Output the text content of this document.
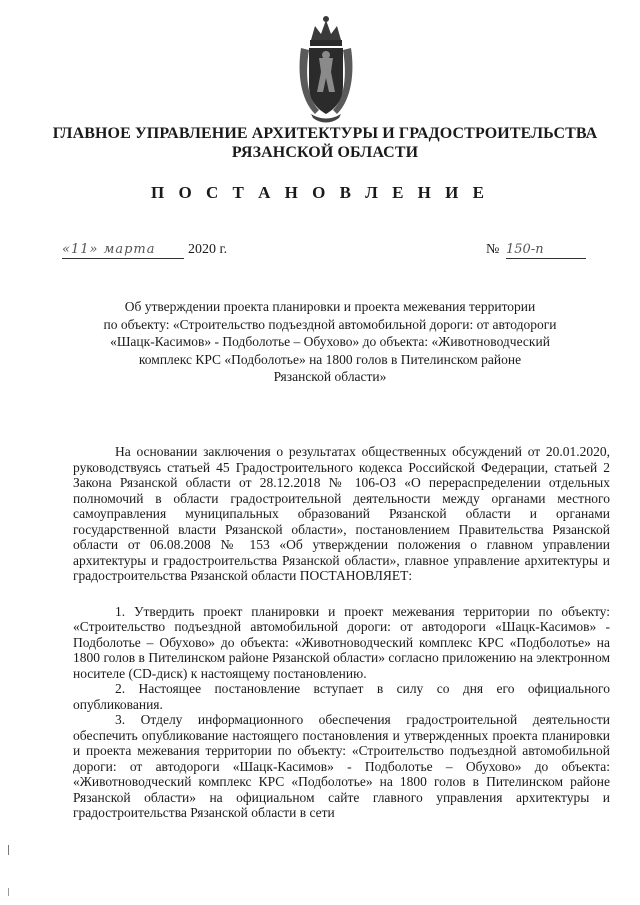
ГЛАВНОЕ УПРАВЛЕНИЕ АРХИТЕКТУРЫ И ГРАДОСТРОИТЕЛЬСТВА
РЯЗАНСКОЙ ОБЛАСТИ
П О С Т А Н О В Л Е Н И Е
«11» марта	2020 г.	№ 150-п
Об утверждении проекта планировки и проекта межевания территории
по объекту: «Строительство подъездной автомобильной дороги: от автодороги
«Шацк-Касимов» - Подболотье – Обухово» до объекта: «Животноводческий
комплекс КРС «Подболотье» на 1800 голов в Пителинском районе
Рязанской области»

На основании заключения о результатах общественных обсуждений от 20.01.2020, руководствуясь статьей 45 Градостроительного кодекса Российской Федерации, статьей 2 Закона Рязанской области от 28.12.2018 № 106-ОЗ «О перераспределении отдельных полномочий в области градостроительной деятельности между органами местного самоуправления муниципальных образований Рязанской области и органами государственной власти Рязанской области», постановлением Правительства Рязанской области от 06.08.2008 № 153 «Об утверждении положения о главном управлении архитектуры и градостроительства Рязанской области», главное управление архитектуры и градостроительства Рязанской области ПОСТАНОВЛЯЕТ:

1. Утвердить проект планировки и проект межевания территории по объекту: «Строительство подъездной автомобильной дороги: от автодороги «Шацк-Касимов» - Подболотье – Обухово» до объекта: «Животноводческий комплекс КРС «Подболотье» на 1800 голов в Пителинском районе Рязанской области» согласно приложению на электронном носителе (CD-диск) к настоящему постановлению.

2. Настоящее постановление вступает в силу со дня его официального опубликования.

3. Отделу информационного обеспечения градостроительной деятельности обеспечить опубликование настоящего постановления и утвержденных проекта планировки и проекта межевания территории по объекту: «Строительство подъездной автомобильной дороги: от автодороги «Шацк-Касимов» - Подболотье – Обухово» до объекта: «Животноводческий комплекс КРС «Подболотье» на 1800 голов в Пителинском районе Рязанской области» на официальном сайте главного управления архитектуры и градостроительства Рязанской области в сети
